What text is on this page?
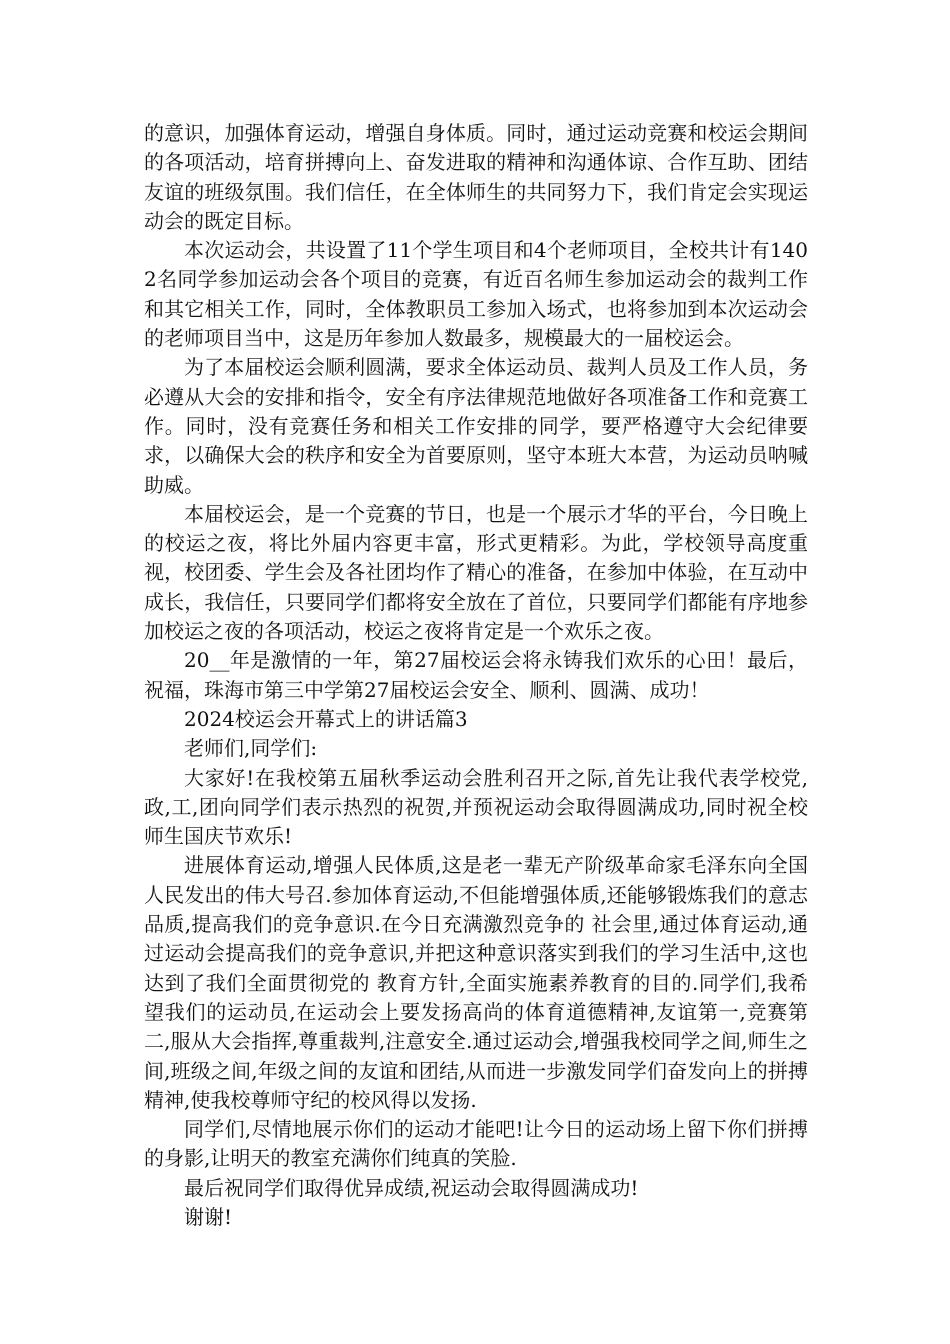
的意识，加强体育运动，增强自身体质。同时，通过运动竞赛和校运会期间的各项活动，培育拼搏向上、奋发进取的精神和沟通体谅、合作互助、团结友谊的班级氛围。我们信任，在全体师生的共同努力下，我们肯定会实现运动会的既定目标。

本次运动会，共设置了11个学生项目和4个老师项目，全校共计有1402名同学参加运动会各个项目的竞赛，有近百名师生参加运动会的裁判工作和其它相关工作，同时，全体教职员工参加入场式，也将参加到本次运动会的老师项目当中，这是历年参加人数最多，规模最大的一届校运会。

为了本届校运会顺利圆满，要求全体运动员、裁判人员及工作人员，务必遵从大会的安排和指令，安全有序法律规范地做好各项准备工作和竞赛工作。同时，没有竞赛任务和相关工作安排的同学，要严格遵守大会纪律要求，以确保大会的秩序和安全为首要原则，坚守本班大本营，为运动员呐喊助威。

本届校运会，是一个竞赛的节日，也是一个展示才华的平台，今日晚上的校运之夜，将比外届内容更丰富，形式更精彩。为此，学校领导高度重视，校团委、学生会及各社团均作了精心的准备，在参加中体验，在互动中成长，我信任，只要同学们都将安全放在了首位，只要同学们都能有序地参加校运之夜的各项活动，校运之夜将肯定是一个欢乐之夜。

20__年是激情的一年，第27届校运会将永铸我们欢乐的心田！最后，祝福，珠海市第三中学第27届校运会安全、顺利、圆满、成功！

2024校运会开幕式上的讲话篇3

老师们,同学们:

大家好!在我校第五届秋季运动会胜利召开之际,首先让我代表学校党,政,工,团向同学们表示热烈的祝贺,并预祝运动会取得圆满成功,同时祝全校师生国庆节欢乐!

进展体育运动,增强人民体质,这是老一辈无产阶级革命家毛泽东向全国人民发出的伟大号召.参加体育运动,不但能增强体质,还能够锻炼我们的意志品质,提高我们的竞争意识.在今日充满激烈竞争的 社会里,通过体育运动,通过运动会提高我们的竞争意识,并把这种意识落实到我们的学习生活中,这也达到了我们全面贯彻党的 教育方针,全面实施素养教育的目的.同学们,我希望我们的运动员,在运动会上要发扬高尚的体育道德精神,友谊第一,竞赛第二,服从大会指挥,尊重裁判,注意安全.通过运动会,增强我校同学之间,师生之间,班级之间,年级之间的友谊和团结,从而进一步激发同学们奋发向上的拼搏精神,使我校尊师守纪的校风得以发扬.

同学们,尽情地展示你们的运动才能吧!让今日的运动场上留下你们拼搏的身影,让明天的教室充满你们纯真的笑脸.

最后祝同学们取得优异成绩,祝运动会取得圆满成功!

谢谢!
